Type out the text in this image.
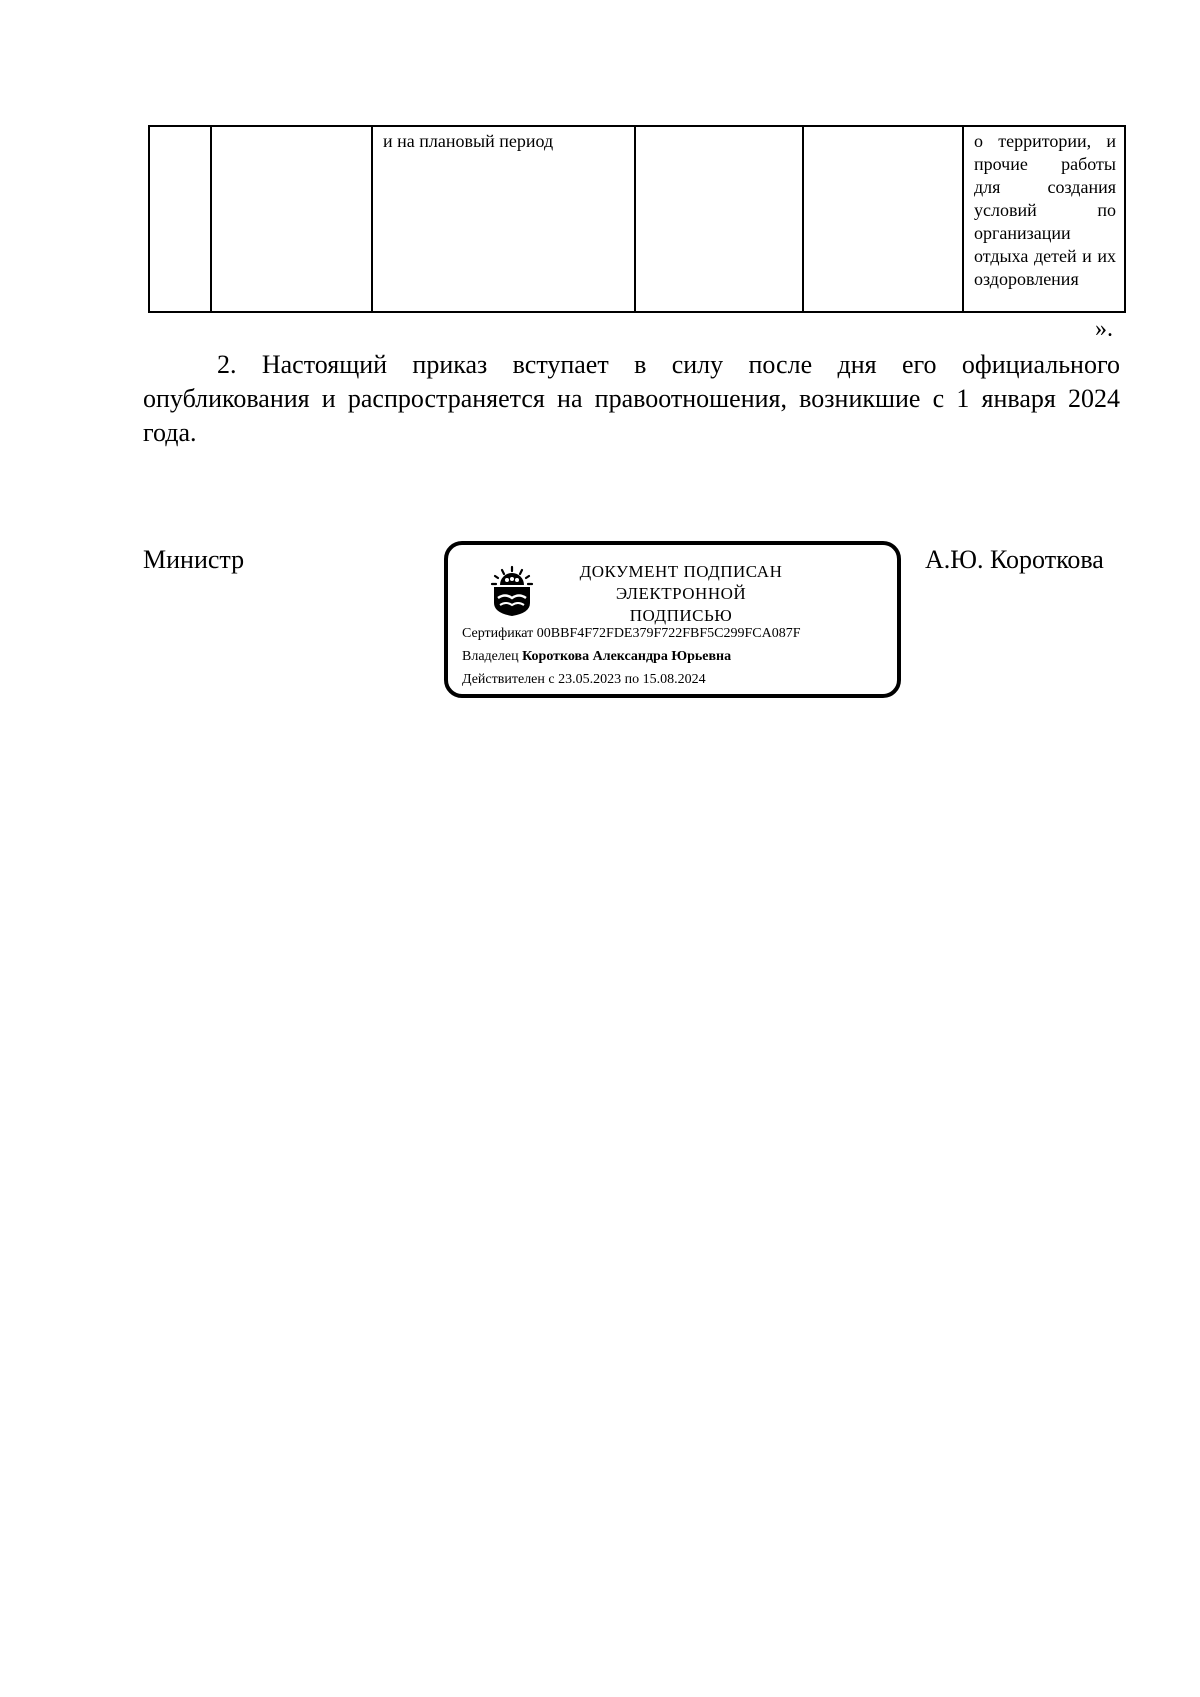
		и на плановый период			о территории, и прочие работы для создания условий по организации отдыха детей и их оздоровления
».

2. Настоящий приказ вступает в силу после дня его официального опубликования и распространяется на правоотношения, возникшие с 1 января 2024 года.

Министр	ДОКУМЕНТ ПОДПИСАН
ЭЛЕКТРОННОЙ ПОДПИСЬЮ
Сертификат 00BBF4F72FDE379F722FBF5C299FCA087F
Владелец Короткова Александра Юрьевна
Действителен с 23.05.2023 по 15.08.2024
А.Ю. Короткова
